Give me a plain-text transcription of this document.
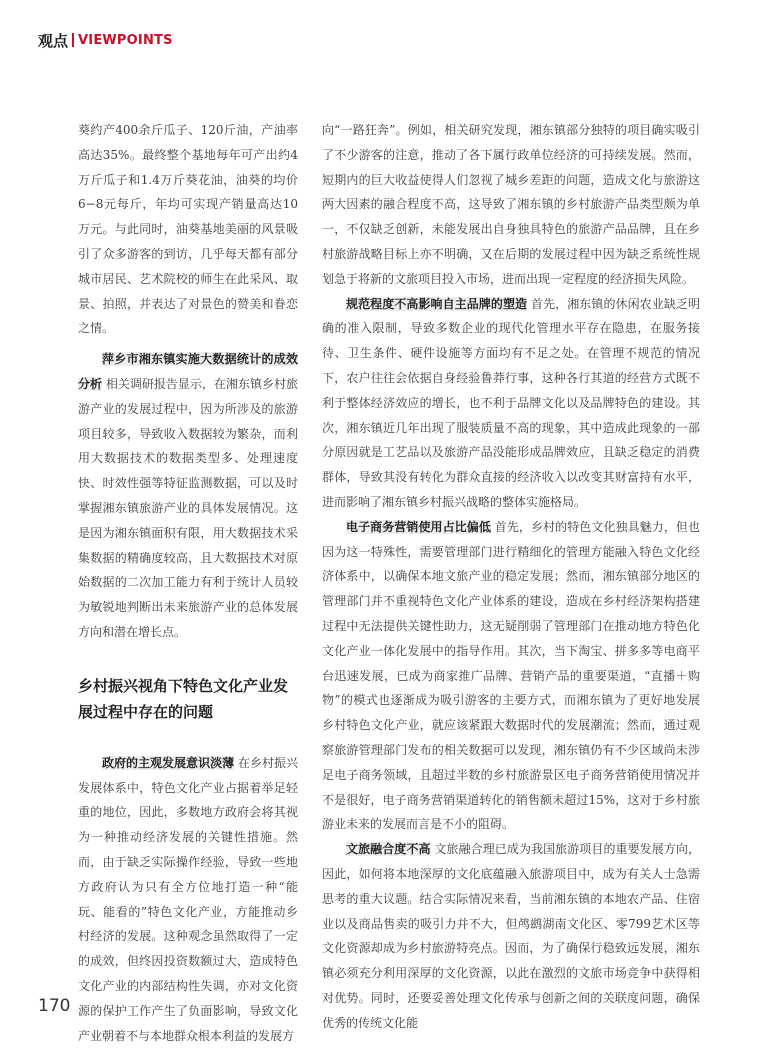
观点 VIEWPOINTS

葵约产400余斤瓜子、120斤油，产油率高达35%。最终整个基地每年可产出约4万斤瓜子和1.4万斤葵花油，油葵的均价6−8元每斤，年均可实现产销量高达10万元。与此同时，油葵基地美丽的风景吸引了众多游客的到访，几乎每天都有部分城市居民、艺术院校的师生在此采风、取景、拍照，并表达了对景色的赞美和眷恋之情。

萍乡市湘东镇实施大数据统计的成效分析 相关调研报告显示，在湘东镇乡村旅游产业的发展过程中，因为所涉及的旅游项目较多，导致收入数据较为繁杂，而利用大数据技术的数据类型多、处理速度快、时效性强等特征监测数据，可以及时掌握湘东镇旅游产业的具体发展情况。这是因为湘东镇面积有限，用大数据技术采集数据的精确度较高，且大数据技术对原始数据的二次加工能力有利于统计人员较为敏锐地判断出未来旅游产业的总体发展方向和潜在增长点。

乡村振兴视角下特色文化产业发展过程中存在的问题

政府的主观发展意识淡薄 在乡村振兴发展体系中，特色文化产业占据着举足轻重的地位，因此，多数地方政府会将其视为一种推动经济发展的关键性措施。然而，由于缺乏实际操作经验，导致一些地方政府认为只有全方位地打造一种“能玩、能看的”特色文化产业，方能推动乡村经济的发展。这种观念虽然取得了一定的成效，但终因投资数额过大，造成特色文化产业的内部结构性失调，亦对文化资源的保护工作产生了负面影响，导致文化产业朝着不与本地群众根本利益的发展方

向“一路狂奔”。例如，相关研究发现，湘东镇部分独特的项目确实吸引了不少游客的注意，推动了各下属行政单位经济的可持续发展。然而，短期内的巨大收益使得人们忽视了城乡差距的问题，造成文化与旅游这两大因素的融合程度不高，这导致了湘东镇的乡村旅游产品类型颇为单一，不仅缺乏创新，未能发展出自身独具特色的旅游产品品牌，且在乡村旅游战略目标上亦不明确，又在后期的发展过程中因为缺乏系统性规划急于将新的文旅项目投入市场，进而出现一定程度的经济损失风险。

规范程度不高影响自主品牌的塑造 首先，湘东镇的休闲农业缺乏明确的准入限制，导致多数企业的现代化管理水平存在隐患，在服务接待、卫生条件、硬件设施等方面均有不足之处。在管理不规范的情况下，农户往往会依据自身经验鲁莽行事，这种各行其道的经营方式既不利于整体经济效应的增长，也不利于品牌文化以及品牌特色的建设。其次，湘东镇近几年出现了服装质量不高的现象，其中造成此现象的一部分原因就是工艺品以及旅游产品没能形成品牌效应，且缺乏稳定的消费群体，导致其没有转化为群众直接的经济收入以改变其财富持有水平，进而影响了湘东镇乡村振兴战略的整体实施格局。

电子商务营销使用占比偏低 首先，乡村的特色文化独具魅力，但也因为这一特殊性，需要管理部门进行精细化的管理方能融入特色文化经济体系中，以确保本地文旅产业的稳定发展；然而，湘东镇部分地区的管理部门并不重视特色文化产业体系的建设，造成在乡村经济架构搭建过程中无法提供关键性助力，这无疑削弱了管理部门在推动地方特色化文化产业一体化发展中的指导作用。其次，当下淘宝、拼多多等电商平台迅速发展，已成为商家推广品牌、营销产品的重要渠道，“直播＋购物”的模式也逐渐成为吸引游客的主要方式，而湘东镇为了更好地发展乡村特色文化产业，就应该紧跟大数据时代的发展潮流；然而，通过观察旅游管理部门发布的相关数据可以发现，湘东镇仍有不少区域尚未涉足电子商务领域，且超过半数的乡村旅游景区电子商务营销使用情况并不是很好，电子商务营销渠道转化的销售额未超过15%，这对于乡村旅游业未来的发展而言是不小的阻碍。

文旅融合度不高 文旅融合理已成为我国旅游项目的重要发展方向，因此，如何将本地深厚的文化底蕴融入旅游项目中，成为有关人士急需思考的重大议题。结合实际情况来看，当前湘东镇的本地农产品、住宿业以及商品售卖的吸引力并不大，但鸬鹚湖南文化区、零799艺术区等文化资源却成为乡村旅游特亮点。因而，为了确保行稳致远发展，湘东镇必须充分利用深厚的文化资源，以此在激烈的文旅市场竞争中获得相对优势。同时，还要妥善处理文化传承与创新之间的关联度问题，确保优秀的传统文化能

170
